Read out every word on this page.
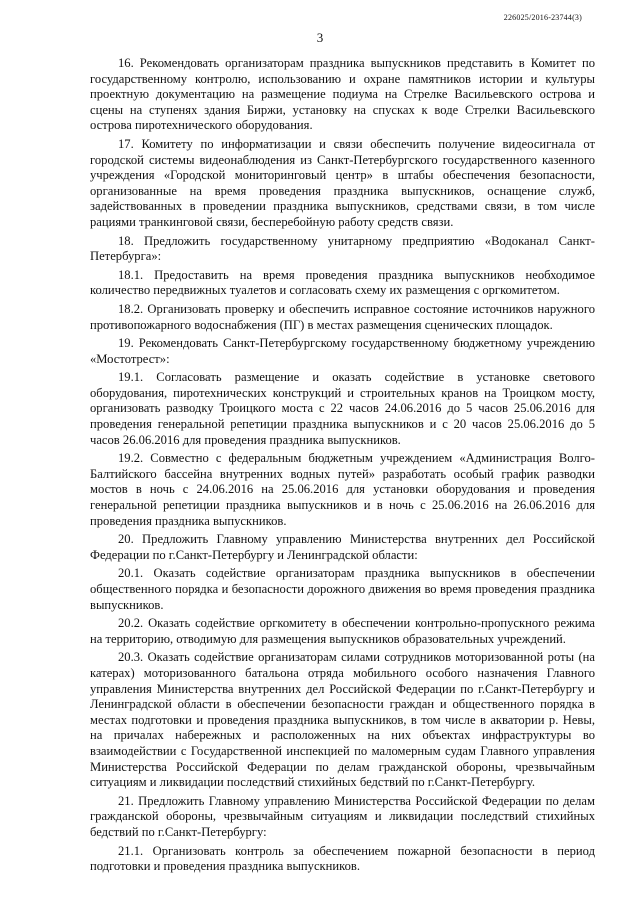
226025/2016-23744(3)
3

16. Рекомендовать организаторам праздника выпускников представить в Комитет по государственному контролю, использованию и охране памятников истории и культуры проектную документацию на размещение подиума на Стрелке Васильевского острова и сцены на ступенях здания Биржи, установку на спусках к воде Стрелки Васильевского острова пиротехнического оборудования.

17. Комитету по информатизации и связи обеспечить получение видеосигнала от городской системы видеонаблюдения из Санкт-Петербургского государственного казенного учреждения «Городской мониторинговый центр» в штабы обеспечения безопасности, организованные на время проведения праздника выпускников, оснащение служб, задействованных в проведении праздника выпускников, средствами связи, в том числе рациями транкинговой связи, бесперебойную работу средств связи.

18. Предложить государственному унитарному предприятию «Водоканал Санкт-Петербурга»:

18.1. Предоставить на время проведения праздника выпускников необходимое количество передвижных туалетов и согласовать схему их размещения с оргкомитетом.

18.2. Организовать проверку и обеспечить исправное состояние источников наружного противопожарного водоснабжения (ПГ) в местах размещения сценических площадок.

19. Рекомендовать Санкт-Петербургскому государственному бюджетному учреждению «Мостотрест»:

19.1. Согласовать размещение и оказать содействие в установке светового оборудования, пиротехнических конструкций и строительных кранов на Троицком мосту, организовать разводку Троицкого моста с 22 часов 24.06.2016 до 5 часов 25.06.2016 для проведения генеральной репетиции праздника выпускников и с 20 часов 25.06.2016 до 5 часов 26.06.2016 для проведения праздника выпускников.

19.2. Совместно с федеральным бюджетным учреждением «Администрация Волго-Балтийского бассейна внутренних водных путей» разработать особый график разводки мостов в ночь с 24.06.2016 на 25.06.2016 для установки оборудования и проведения генеральной репетиции праздника выпускников и в ночь с 25.06.2016 на 26.06.2016 для проведения праздника выпускников.

20. Предложить Главному управлению Министерства внутренних дел Российской Федерации по г.Санкт-Петербургу и Ленинградской области:

20.1. Оказать содействие организаторам праздника выпускников в обеспечении общественного порядка и безопасности дорожного движения во время проведения праздника выпускников.

20.2. Оказать содействие оргкомитету в обеспечении контрольно-пропускного режима на территорию, отводимую для размещения выпускников образовательных учреждений.

20.3. Оказать содействие организаторам силами сотрудников моторизованной роты (на катерах) моторизованного батальона отряда мобильного особого назначения Главного управления Министерства внутренних дел Российской Федерации по г.Санкт-Петербургу и Ленинградской области в обеспечении безопасности граждан и общественного порядка в местах подготовки и проведения праздника выпускников, в том числе в акватории р. Невы, на причалах набережных и расположенных на них объектах инфраструктуры во взаимодействии с Государственной инспекцией по маломерным судам Главного управления Министерства Российской Федерации по делам гражданской обороны, чрезвычайным ситуациям и ликвидации последствий стихийных бедствий по г.Санкт-Петербургу.

21. Предложить Главному управлению Министерства Российской Федерации по делам гражданской обороны, чрезвычайным ситуациям и ликвидации последствий стихийных бедствий по г.Санкт-Петербургу:

21.1. Организовать контроль за обеспечением пожарной безопасности в период подготовки и проведения праздника выпускников.
